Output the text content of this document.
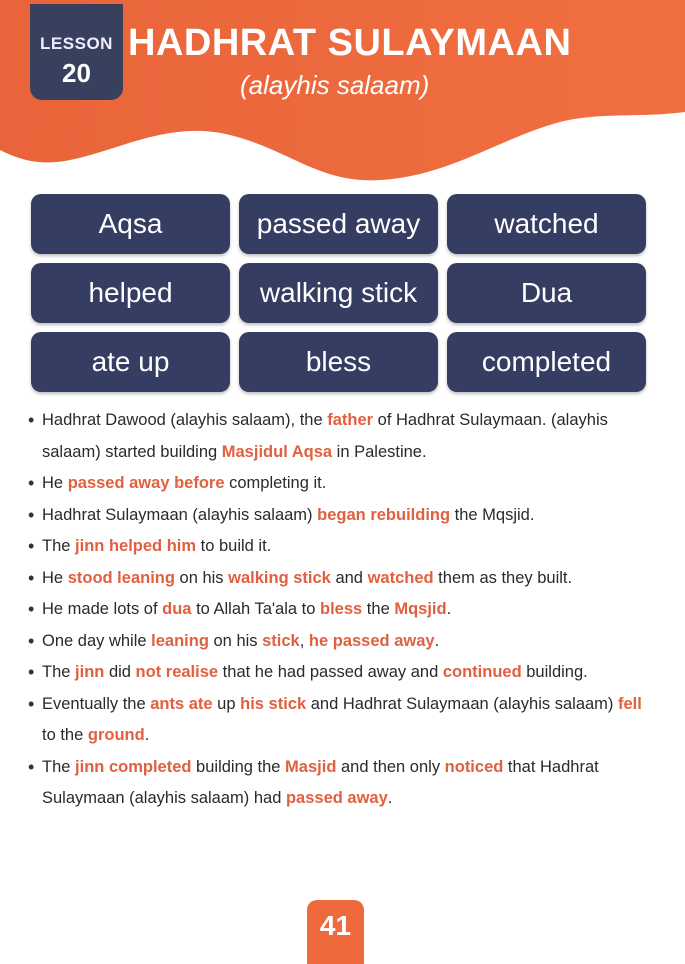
LESSON
20
HADHRAT SULAYMAAN
(alayhis salaam)
Aqsa	passed away	watched
helped	walking stick	Dua
ate up	bless	completed
• Hadhrat Dawood (alayhis salaam), the father of Hadhrat Sulaymaan. (alayhis salaam) started building Masjidul Aqsa in Palestine.
• He passed away before completing it.
• Hadhrat Sulaymaan (alayhis salaam) began rebuilding the Mqsjid.
• The jinn helped him to build it.
• He stood leaning on his walking stick and watched them as they built.
• He made lots of dua to Allah Ta'ala to bless the Mqsjid.
• One day while leaning on his stick, he passed away.
• The jinn did not realise that he had passed away and continued building.
• Eventually the ants ate up his stick and Hadhrat Sulaymaan (alayhis salaam) fell to the ground.
• The jinn completed building the Masjid and then only noticed that Hadhrat Sulaymaan (alayhis salaam) had passed away.
41
